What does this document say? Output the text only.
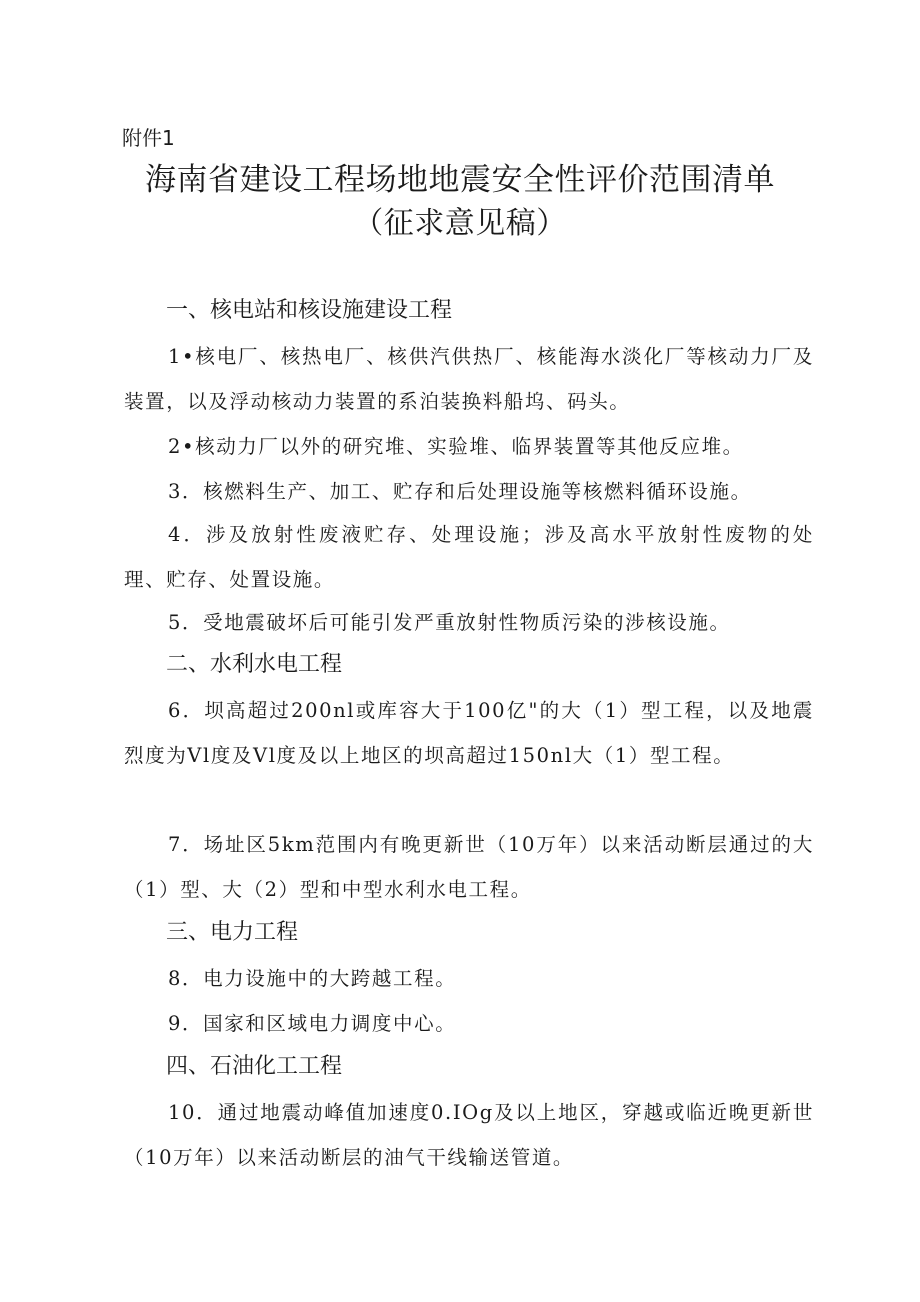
附件1
海南省建设工程场地地震安全性评价范围清单
（征求意见稿）
一、核电站和核设施建设工程
1•核电厂、核热电厂、核供汽供热厂、核能海水淡化厂等核动力厂及装置，以及浮动核动力装置的系泊装换料船坞、码头。
2•核动力厂以外的研究堆、实验堆、临界装置等其他反应堆。
3．核燃料生产、加工、贮存和后处理设施等核燃料循环设施。
4．涉及放射性废液贮存、处理设施；涉及高水平放射性废物的处理、贮存、处置设施。
5．受地震破坏后可能引发严重放射性物质污染的涉核设施。
二、水利水电工程
6．坝高超过200nl或库容大于100亿"的大（1）型工程，以及地震烈度为Vl度及Vl度及以上地区的坝高超过150nl大（1）型工程。
7．场址区5km范围内有晚更新世（10万年）以来活动断层通过的大（1）型、大（2）型和中型水利水电工程。
三、电力工程
8．电力设施中的大跨越工程。
9．国家和区域电力调度中心。
四、石油化工工程
10．通过地震动峰值加速度0.IOg及以上地区，穿越或临近晚更新世（10万年）以来活动断层的油气干线输送管道。
